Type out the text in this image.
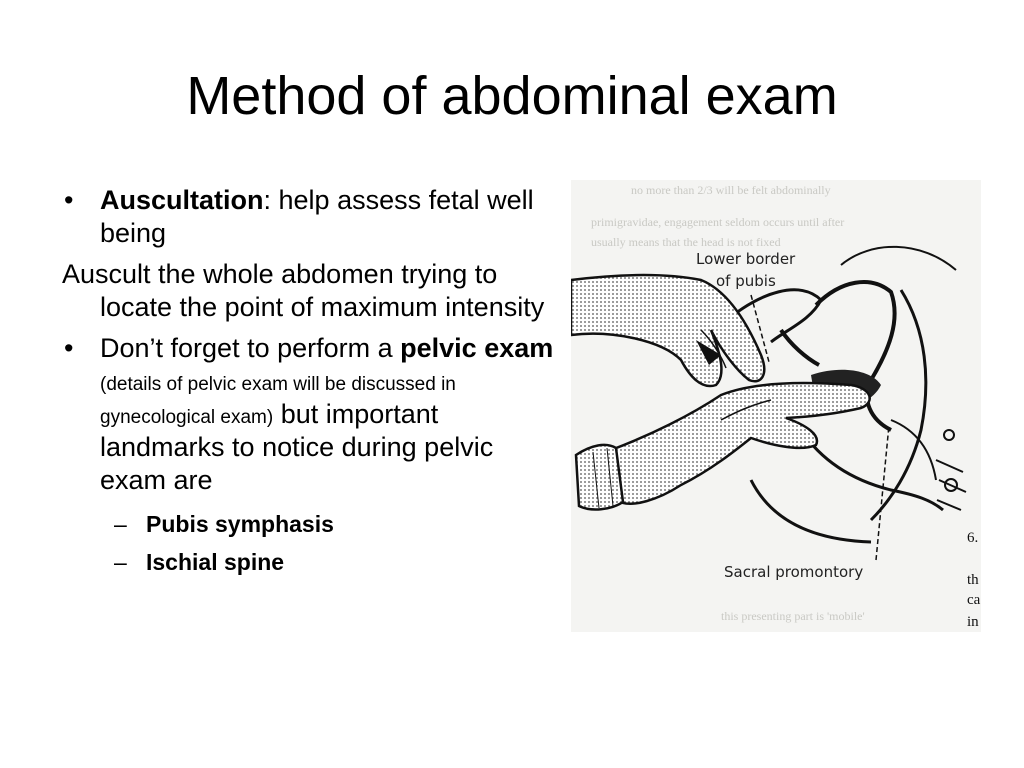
Method of abdominal exam
• Auscultation: help assess fetal well being
Auscult the whole abdomen trying to locate the point of maximum intensity
• Don’t forget to perform a pelvic exam (details of pelvic exam will be discussed in gynecological exam) but important landmarks to notice during pelvic exam are
– Pubis symphasis
– Ischial spine
no more than 2/3 will be felt abdominally
primigravidae, engagement seldom occurs until after
usually means that the head is not fixed
this presenting part is 'mobile'
Lower border
of pubis
Sacral promontory
6.
th
ca
in
